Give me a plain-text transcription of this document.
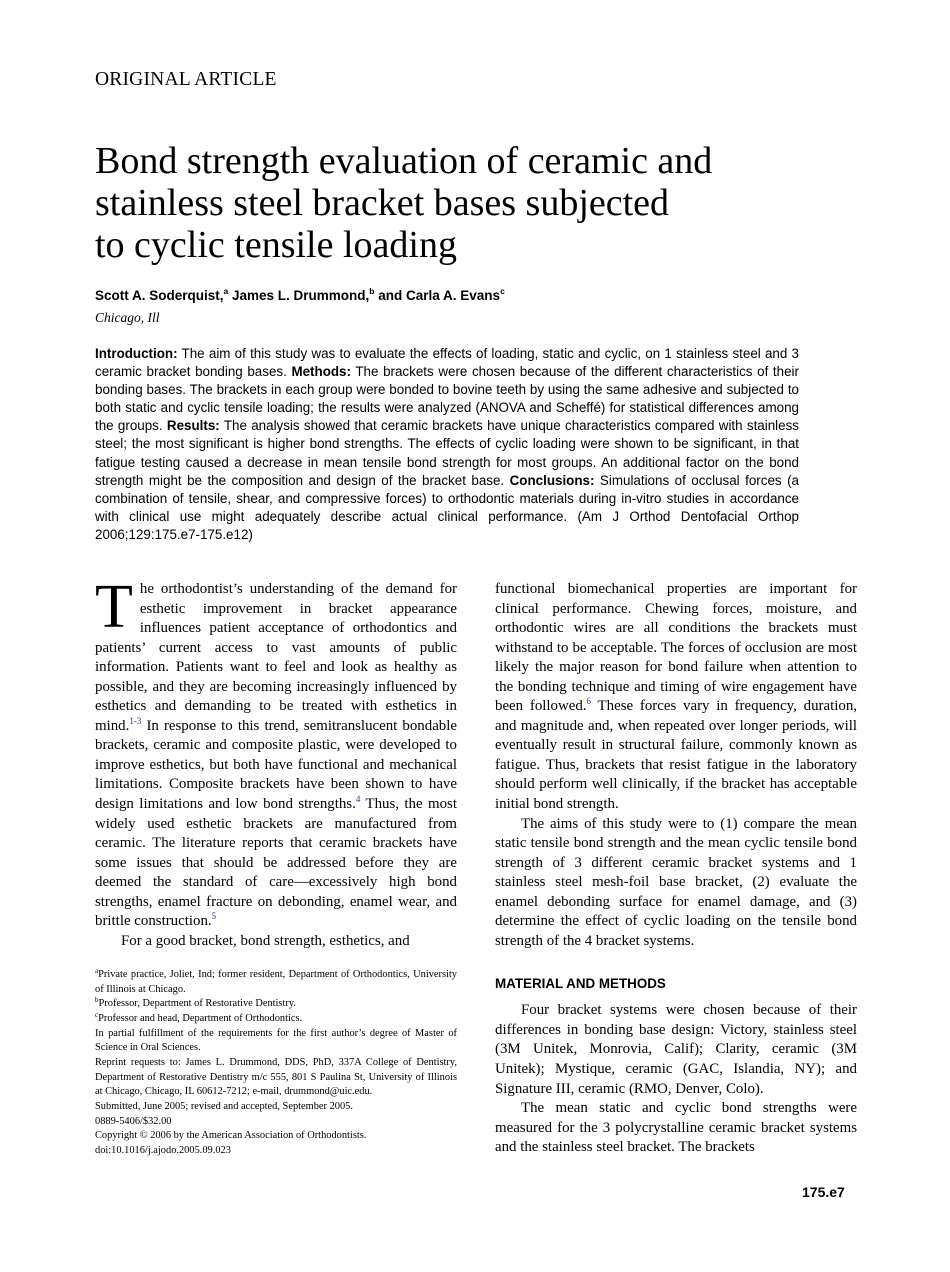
ORIGINAL ARTICLE
Bond strength evaluation of ceramic and
stainless steel bracket bases subjected
to cyclic tensile loading
Scott A. Soderquist,$^a$ James L. Drummond,$^b$ and Carla A. Evans$^c$
Chicago, Ill

Introduction: The aim of this study was to evaluate the effects of loading, static and cyclic, on 1 stainless steel and 3 ceramic bracket bonding bases. Methods: The brackets were chosen because of the different characteristics of their bonding bases. The brackets in each group were bonded to bovine teeth by using the same adhesive and subjected to both static and cyclic tensile loading; the results were analyzed (ANOVA and Scheffé) for statistical differences among the groups. Results: The analysis showed that ceramic brackets have unique characteristics compared with stainless steel; the most significant is higher bond strengths. The effects of cyclic loading were shown to be significant, in that fatigue testing caused a decrease in mean tensile bond strength for most groups. An additional factor on the bond strength might be the composition and design of the bracket base. Conclusions: Simulations of occlusal forces (a combination of tensile, shear, and compressive forces) to orthodontic materials during in-vitro studies in accordance with clinical use might adequately describe actual clinical performance. (Am J Orthod Dentofacial Orthop 2006;129:175.e7-175.e12)

The orthodontist’s understanding of the demand for esthetic improvement in bracket appearance influences patient acceptance of orthodontics and patients’ current access to vast amounts of public information. Patients want to feel and look as healthy as possible, and they are becoming increasingly influenced by esthetics and demanding to be treated with esthetics in mind.$^{1-3}$ In response to this trend, semitranslucent bondable brackets, ceramic and composite plastic, were developed to improve esthetics, but both have functional and mechanical limitations. Composite brackets have been shown to have design limitations and low bond strengths.$^4$ Thus, the most widely used esthetic brackets are manufactured from ceramic. The literature reports that ceramic brackets have some issues that should be addressed before they are deemed the standard of care—excessively high bond strengths, enamel fracture on debonding, enamel wear, and brittle construction.$^5$

For a good bracket, bond strength, esthetics, and

$^a$Private practice, Joliet, Ind; former resident, Department of Orthodontics, University of Illinois at Chicago.
$^b$Professor, Department of Restorative Dentistry.
$^c$Professor and head, Department of Orthodontics.
In partial fulfillment of the requirements for the first author’s degree of Master of Science in Oral Sciences.
Reprint requests to: James L. Drummond, DDS, PhD, 337A College of Dentistry, Department of Restorative Dentistry m/c 555, 801 S Paulina St, University of Illinois at Chicago, Chicago, IL 60612-7212; e-mail, drummond@uic.edu.
Submitted, June 2005; revised and accepted, September 2005.
0889-5406/$32.00
Copyright © 2006 by the American Association of Orthodontists.
doi:10.1016/j.ajodo.2005.09.023

functional biomechanical properties are important for clinical performance. Chewing forces, moisture, and orthodontic wires are all conditions the brackets must withstand to be acceptable. The forces of occlusion are most likely the major reason for bond failure when attention to the bonding technique and timing of wire engagement have been followed.$^6$ These forces vary in frequency, duration, and magnitude and, when repeated over longer periods, will eventually result in structural failure, commonly known as fatigue. Thus, brackets that resist fatigue in the laboratory should perform well clinically, if the bracket has acceptable initial bond strength.

The aims of this study were to (1) compare the mean static tensile bond strength and the mean cyclic tensile bond strength of 3 different ceramic bracket systems and 1 stainless steel mesh-foil base bracket, (2) evaluate the enamel debonding surface for enamel damage, and (3) determine the effect of cyclic loading on the tensile bond strength of the 4 bracket systems.

MATERIAL AND METHODS

Four bracket systems were chosen because of their differences in bonding base design: Victory, stainless steel (3M Unitek, Monrovia, Calif); Clarity, ceramic (3M Unitek); Mystique, ceramic (GAC, Islandia, NY); and Signature III, ceramic (RMO, Denver, Colo).

The mean static and cyclic bond strengths were measured for the 3 polycrystalline ceramic bracket systems and the stainless steel bracket. The brackets

175.e7
